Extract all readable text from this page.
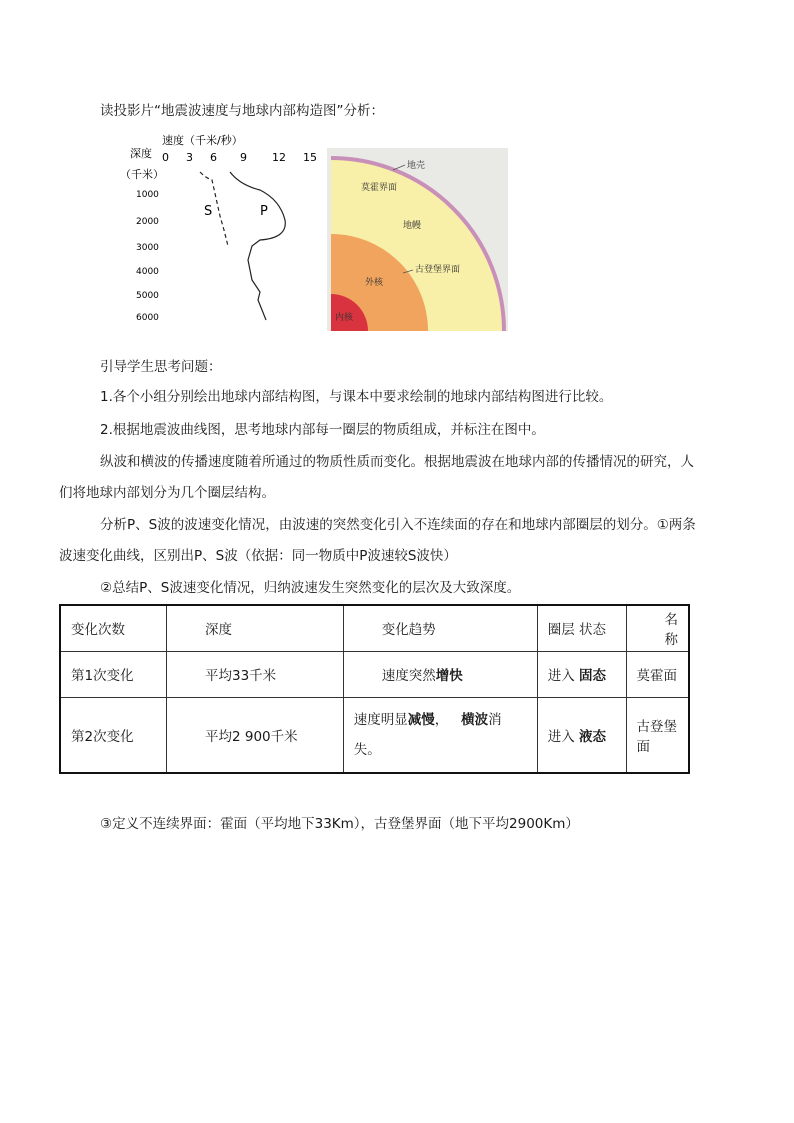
读投影片“地震波速度与地球内部构造图”分析：
速度（千米/秒）
深度
（千米）
0 3 6 9 12 15
1000
2000
3000
4000
5000
6000
S	P
地壳
莫霍界面
地幔
古登堡界面
外核
内核
引导学生思考问题：
1.各个小组分别绘出地球内部结构图，与课本中要求绘制的地球内部结构图进行比较。
2.根据地震波曲线图，思考地球内部每一圈层的物质组成，并标注在图中。
纵波和横波的传播速度随着所通过的物质性质而变化。根据地震波在地球内部的传播情况的研究，人
们将地球内部划分为几个圈层结构。
分析P、S波的波速变化情况，由波速的突然变化引入不连续面的存在和地球内部圈层的划分。①两条
波速变化曲线，区别出P、S波（依据：同一物质中P波速较S波快）
②总结P、S波速变化情况，归纳波速发生突然变化的层次及大致深度。
变化次数	深度	变化趋势	圈层 状态	名称
第1次变化	平均33千米	速度突然增快	进入 固态	莫霍面
第2次变化	平均2 900千米	速度明显减慢， 横波消失。	进入 液态	古登堡面
③定义不连续界面：霍面（平均地下33Km），古登堡界面（地下平均2900Km）
